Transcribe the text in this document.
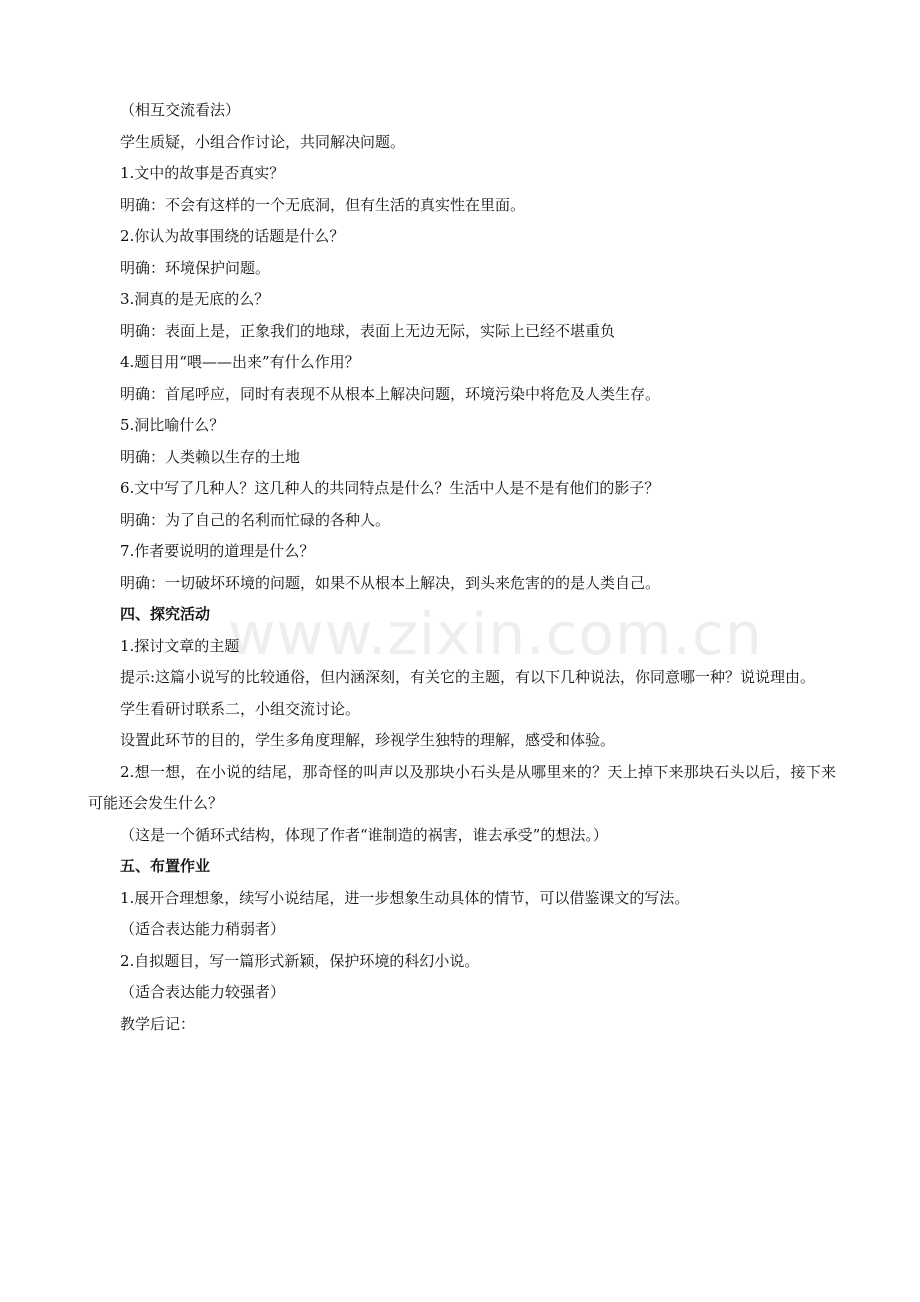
（相互交流看法）

学生质疑，小组合作讨论，共同解决问题。

1.文中的故事是否真实？

明确：不会有这样的一个无底洞，但有生活的真实性在里面。

2.你认为故事围绕的话题是什么？

明确：环境保护问题。

3.洞真的是无底的么？

明确：表面上是，正象我们的地球，表面上无边无际，实际上已经不堪重负

4.题目用“喂——出来”有什么作用？

明确：首尾呼应，同时有表现不从根本上解决问题，环境污染中将危及人类生存。

5.洞比喻什么？

明确：人类赖以生存的土地

6.文中写了几种人？这几种人的共同特点是什么？生活中人是不是有他们的影子？

明确：为了自己的名利而忙碌的各种人。

7.作者要说明的道理是什么？

明确：一切破坏环境的问题，如果不从根本上解决，到头来危害的的是人类自己。

四、探究活动

1.探讨文章的主题

提示:这篇小说写的比较通俗，但内涵深刻，有关它的主题，有以下几种说法，你同意哪一种？说说理由。

学生看研讨联系二，小组交流讨论。

设置此环节的目的，学生多角度理解，珍视学生独特的理解，感受和体验。

2.想一想，在小说的结尾，那奇怪的叫声以及那块小石头是从哪里来的？天上掉下来那块石头以后，接下来可能还会发生什么？

（这是一个循环式结构，体现了作者“谁制造的祸害，谁去承受”的想法。）

五、布置作业

1.展开合理想象，续写小说结尾，进一步想象生动具体的情节，可以借鉴课文的写法。

（适合表达能力稍弱者）

2.自拟题目，写一篇形式新颖，保护环境的科幻小说。

（适合表达能力较强者）

教学后记：

www.zixin.com.cn
